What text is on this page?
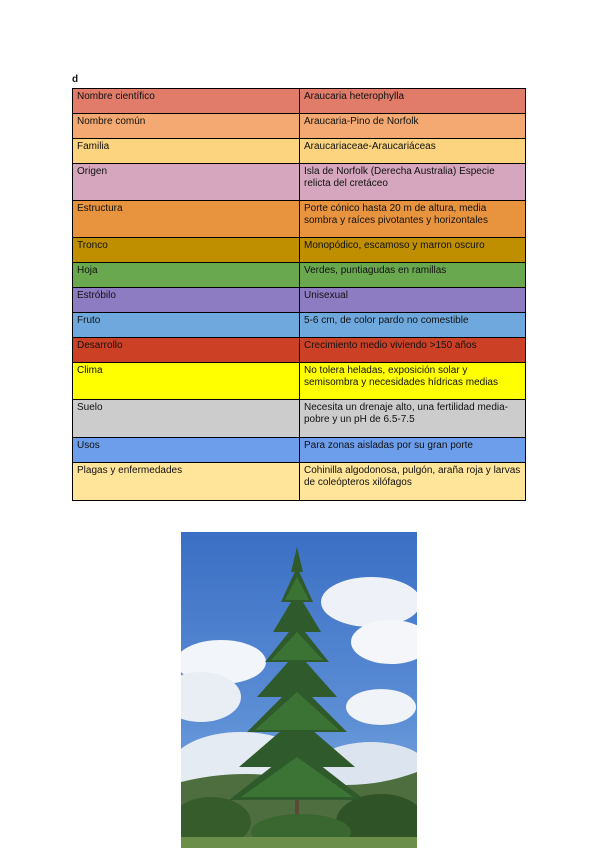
d
Nombre científico	Araucaria heterophylla
Nombre común	Araucaria-Pino de Norfolk
Familia	Araucariaceae-Araucariáceas
Origen	Isla de Norfolk (Derecha Australia) Especie relicta del cretáceo
Estructura	Porte cónico hasta 20 m de altura, media sombra y raíces pivotantes y horizontales
Tronco	Monopódico, escamoso y marron oscuro
Hoja	Verdes, puntiagudas en ramillas
Estróbilo	Unisexual
Fruto	5-6 cm, de color pardo no comestible
Desarrollo	Crecimiento medio viviendo >150 años
Clima	No tolera heladas, exposición solar y semisombra y necesidades hídricas medias
Suelo	Necesita un drenaje alto, una fertilidad media-pobre y un pH de 6.5-7.5
Usos	Para zonas aisladas por su gran porte
Plagas y enfermedades	Cohinilla algodonosa, pulgón, araña roja y larvas de coleópteros xilófagos
